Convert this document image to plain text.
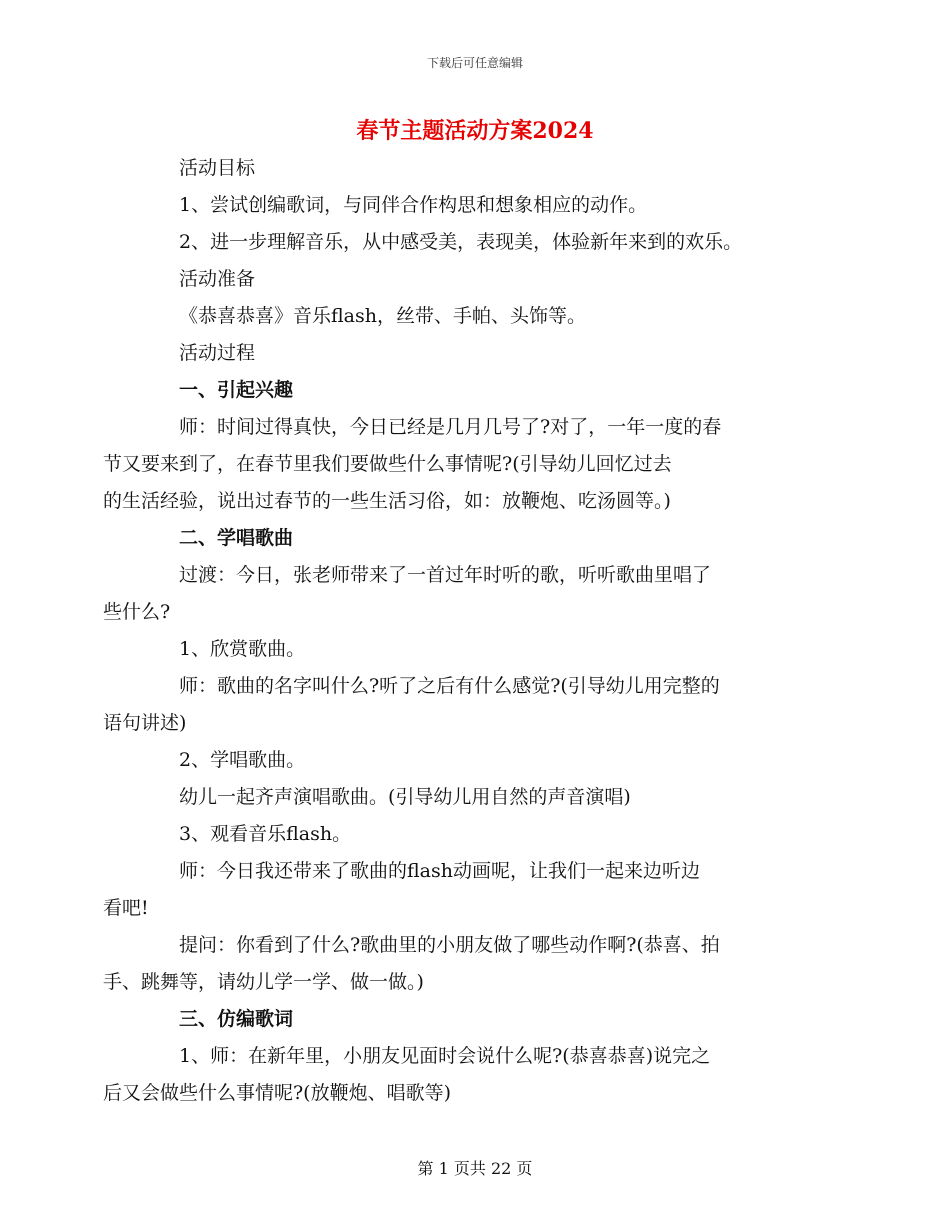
下载后可任意编辑
春节主题活动方案2024
活动目标
1、尝试创编歌词，与同伴合作构思和想象相应的动作。
2、进一步理解音乐，从中感受美，表现美，体验新年来到的欢乐。
活动准备
《恭喜恭喜》音乐flash，丝带、手帕、头饰等。
活动过程
一、引起兴趣
师：时间过得真快，今日已经是几月几号了?对了，一年一度的春
节又要来到了，在春节里我们要做些什么事情呢?(引导幼儿回忆过去
的生活经验，说出过春节的一些生活习俗，如：放鞭炮、吃汤圆等。)
二、学唱歌曲
过渡：今日，张老师带来了一首过年时听的歌，听听歌曲里唱了
些什么?
1、欣赏歌曲。
师：歌曲的名字叫什么?听了之后有什么感觉?(引导幼儿用完整的
语句讲述)
2、学唱歌曲。
幼儿一起齐声演唱歌曲。(引导幼儿用自然的声音演唱)
3、观看音乐flash。
师：今日我还带来了歌曲的flash动画呢，让我们一起来边听边
看吧!
提问：你看到了什么?歌曲里的小朋友做了哪些动作啊?(恭喜、拍
手、跳舞等，请幼儿学一学、做一做。)
三、仿编歌词
1、师：在新年里，小朋友见面时会说什么呢?(恭喜恭喜)说完之
后又会做些什么事情呢?(放鞭炮、唱歌等)
第 1 页共 22 页
